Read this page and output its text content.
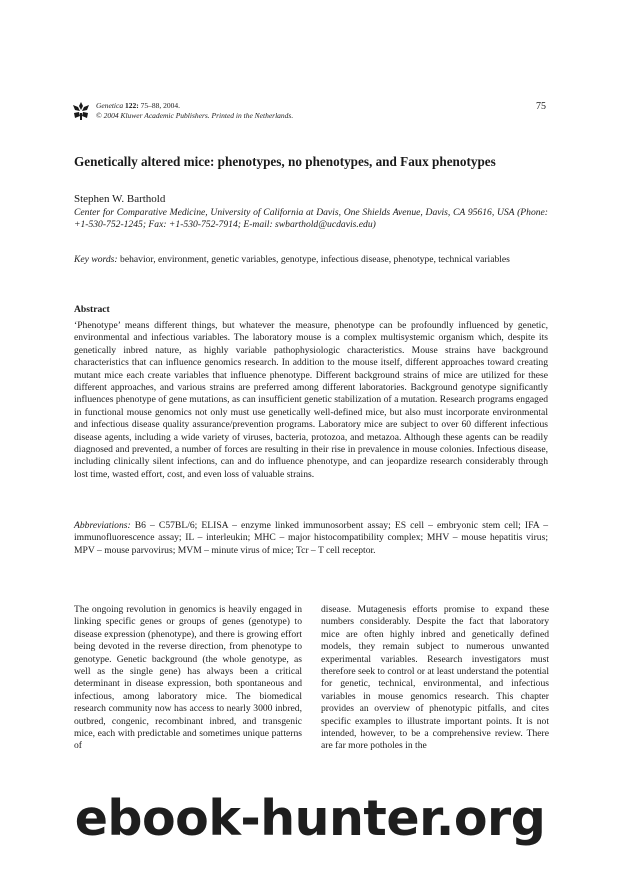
Genetica 122: 75–88, 2004.
© 2004 Kluwer Academic Publishers. Printed in the Netherlands.
75
Genetically altered mice: phenotypes, no phenotypes, and Faux phenotypes
Stephen W. Barthold
Center for Comparative Medicine, University of California at Davis, One Shields Avenue, Davis, CA 95616, USA (Phone: +1-530-752-1245; Fax: +1-530-752-7914; E-mail: swbarthold@ucdavis.edu)
Key words: behavior, environment, genetic variables, genotype, infectious disease, phenotype, technical variables
Abstract
‘Phenotype’ means different things, but whatever the measure, phenotype can be profoundly influenced by genetic, environmental and infectious variables. The laboratory mouse is a complex multisystemic organism which, despite its genetically inbred nature, as highly variable pathophysiologic characteristics. Mouse strains have background characteristics that can influence genomics research. In addition to the mouse itself, different approaches toward creating mutant mice each create variables that influence phenotype. Different background strains of mice are utilized for these different approaches, and various strains are preferred among different laboratories. Background genotype significantly influences phenotype of gene mutations, as can insufficient genetic stabilization of a mutation. Research programs engaged in functional mouse genomics not only must use genetically well-defined mice, but also must incorporate environmental and infectious disease quality assurance/prevention programs. Laboratory mice are subject to over 60 different infectious disease agents, including a wide variety of viruses, bacteria, protozoa, and metazoa. Although these agents can be readily diagnosed and prevented, a number of forces are resulting in their rise in prevalence in mouse colonies. Infectious disease, including clinically silent infections, can and do influence phenotype, and can jeopardize research considerably through lost time, wasted effort, cost, and even loss of valuable strains.
Abbreviations: B6 – C57BL/6; ELISA – enzyme linked immunosorbent assay; ES cell – embryonic stem cell; IFA – immunofluorescence assay; IL – interleukin; MHC – major histocompatibility complex; MHV – mouse hepatitis virus; MPV – mouse parvovirus; MVM – minute virus of mice; Tcr – T cell receptor.
The ongoing revolution in genomics is heavily engaged in linking specific genes or groups of genes (genotype) to disease expression (phenotype), and there is growing effort being devoted in the reverse direction, from phenotype to genotype. Genetic background (the whole genotype, as well as the single gene) has always been a critical determinant in disease expression, both spontaneous and infectious, among laboratory mice. The biomedical research community now has access to nearly 3000 inbred, outbred, congenic, recombinant inbred, and transgenic mice, each with predictable and sometimes unique patterns of
disease. Mutagenesis efforts promise to expand these numbers considerably. Despite the fact that laboratory mice are often highly inbred and genetically defined models, they remain subject to numerous unwanted experimental variables. Research investigators must therefore seek to control or at least understand the potential for genetic, technical, environmental, and infectious variables in mouse genomics research. This chapter provides an overview of phenotypic pitfalls, and cites specific examples to illustrate important points. It is not intended, however, to be a comprehensive review. There are far more potholes in the
ebook-hunter.org
